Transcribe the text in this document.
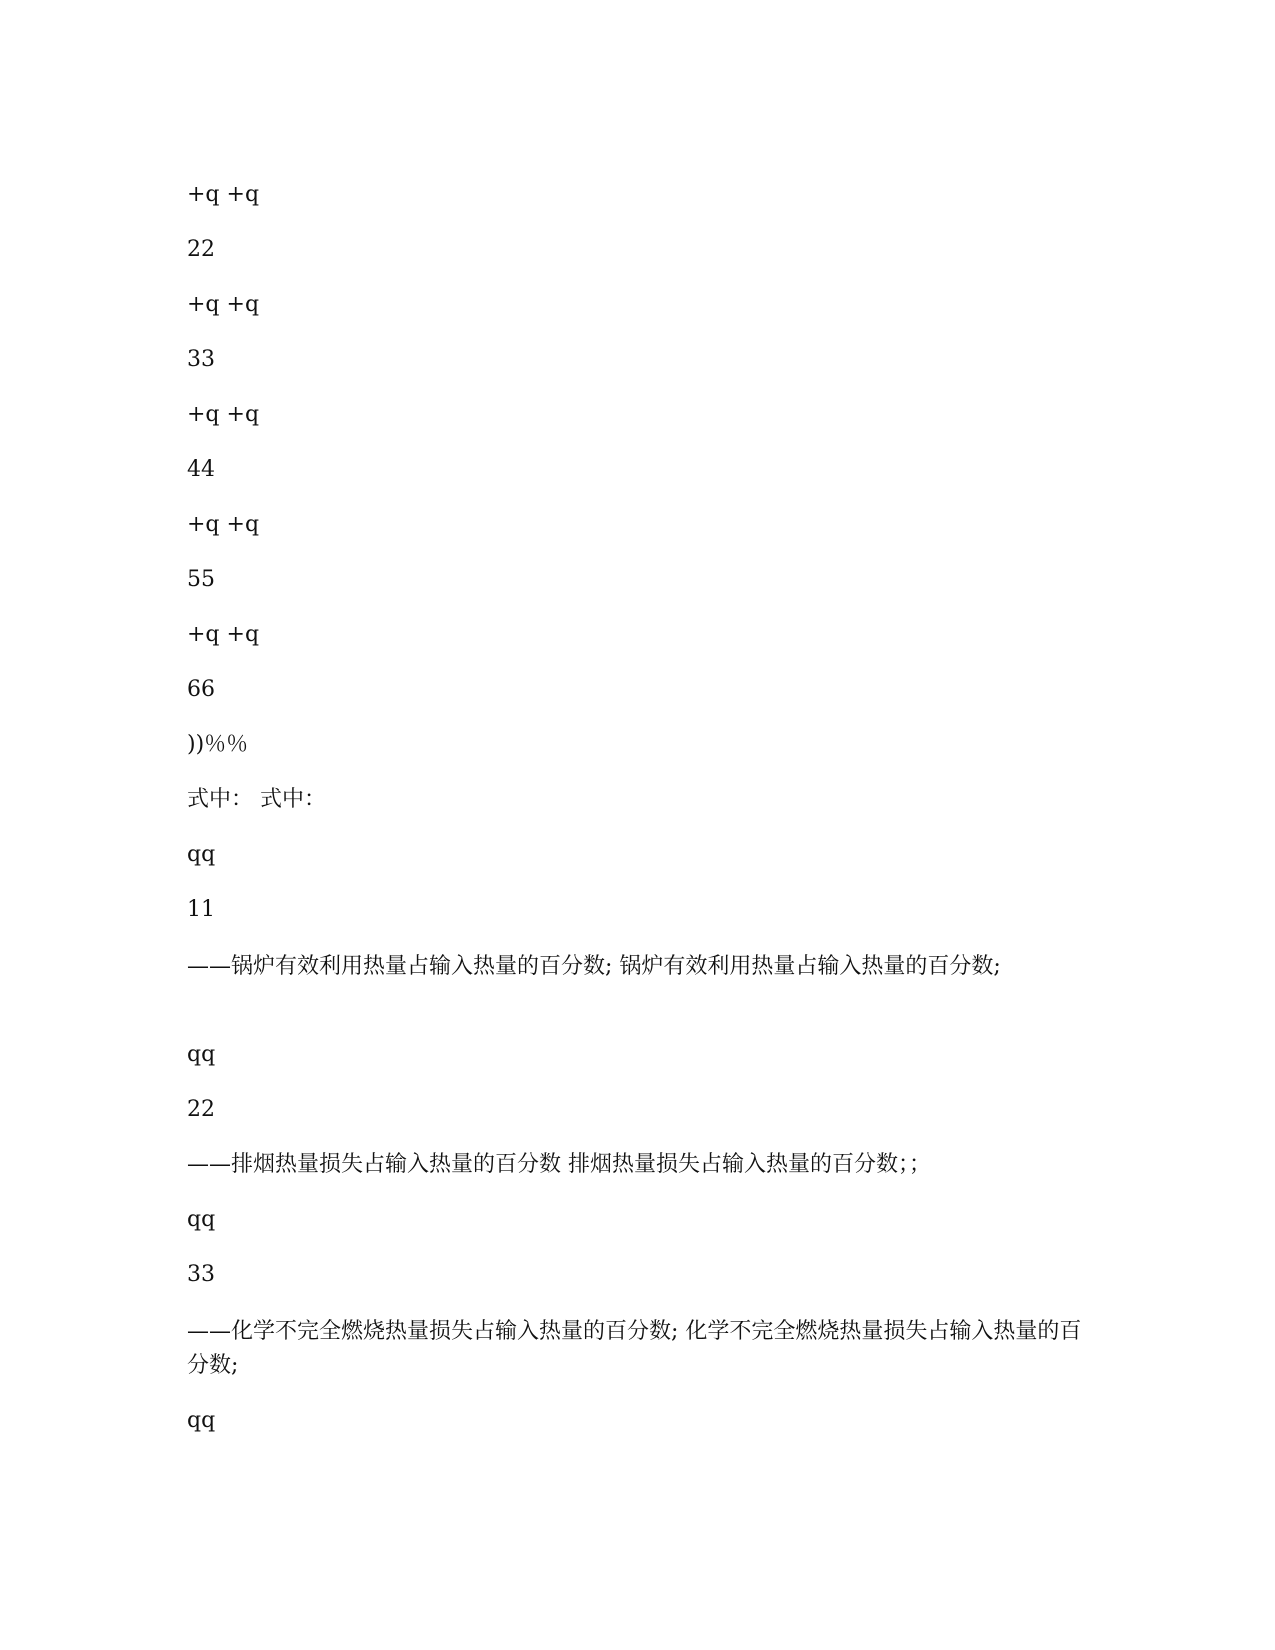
+q +q
22
+q +q
33
+q +q
44
+q +q
55
+q +q
66
))％％
式中： 式中：
qq
11
——锅炉有效利用热量占输入热量的百分数; 锅炉有效利用热量占输入热量的百分数;
qq
22
——排烟热量损失占输入热量的百分数 排烟热量损失占输入热量的百分数；；
qq
33
——化学不完全燃烧热量损失占输入热量的百分数; 化学不完全燃烧热量损失占输入热量的百分数;
qq
